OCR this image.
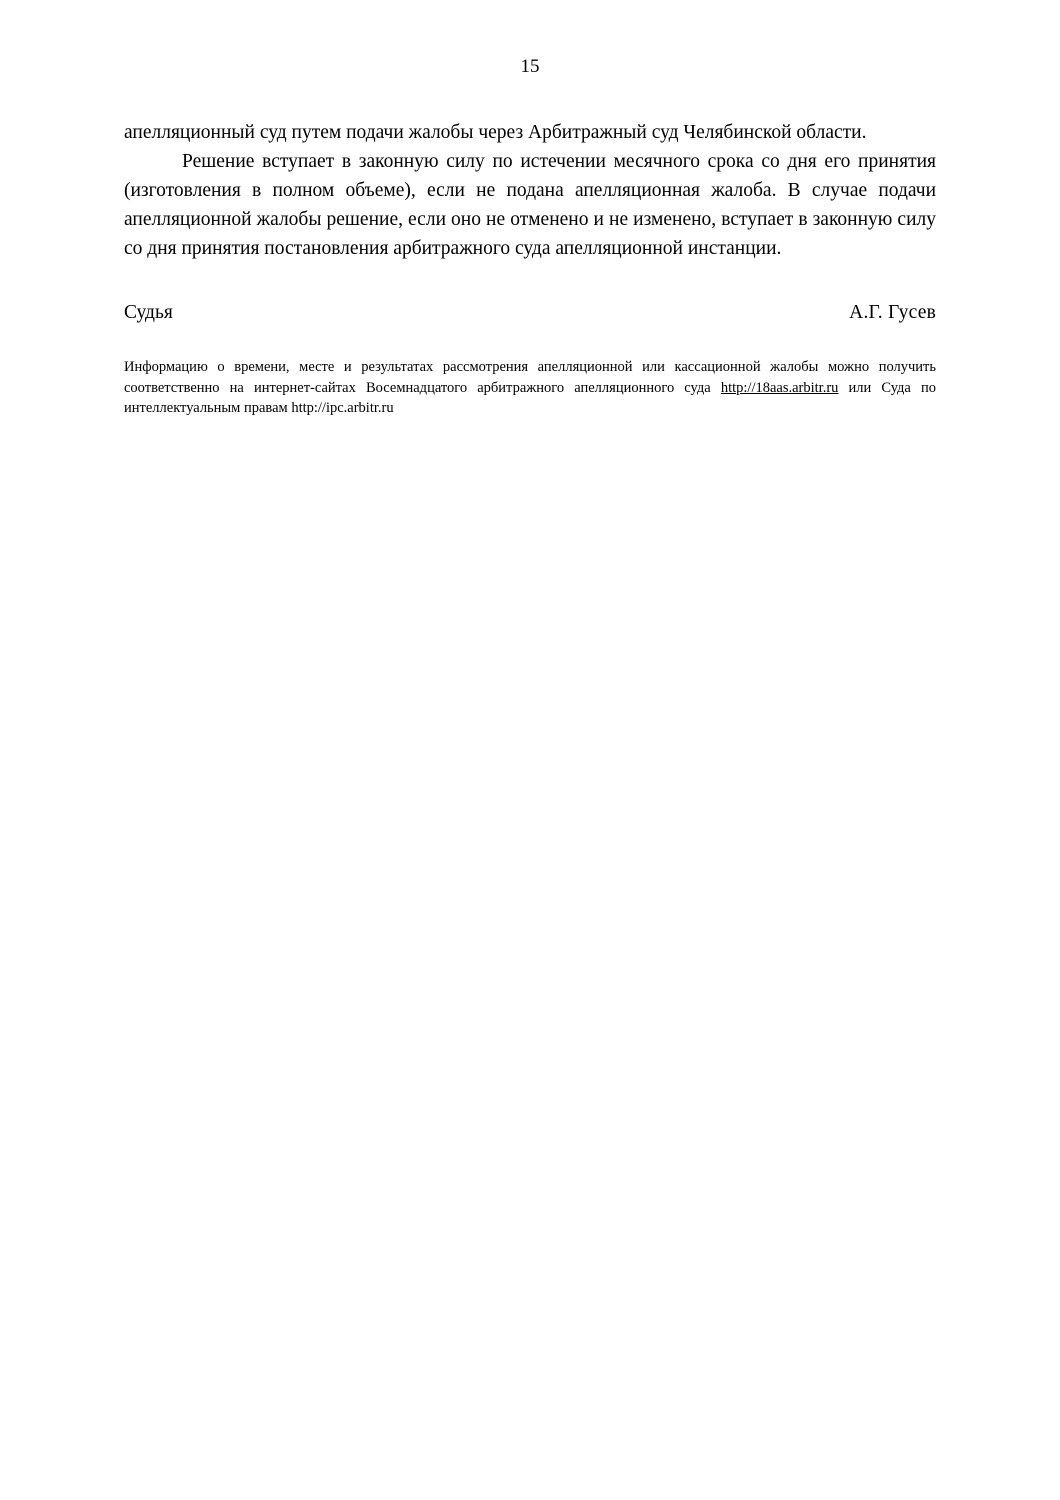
15

апелляционный суд путем подачи жалобы через Арбитражный суд Челябинской области.

Решение вступает в законную силу по истечении месячного срока со дня его принятия (изготовления в полном объеме), если не подана апелляционная жалоба. В случае подачи апелляционной жалобы решение, если оно не отменено и не изменено, вступает в законную силу со дня принятия постановления арбитражного суда апелляционной инстанции.

Судья	А.Г. Гусев
Информацию о времени, месте и результатах рассмотрения апелляционной или кассационной жалобы можно получить соответственно на интернет-сайтах Восемнадцатого арбитражного апелляционного суда http://18aas.arbitr.ru или Суда по интеллектуальным правам http://ipc.arbitr.ru
